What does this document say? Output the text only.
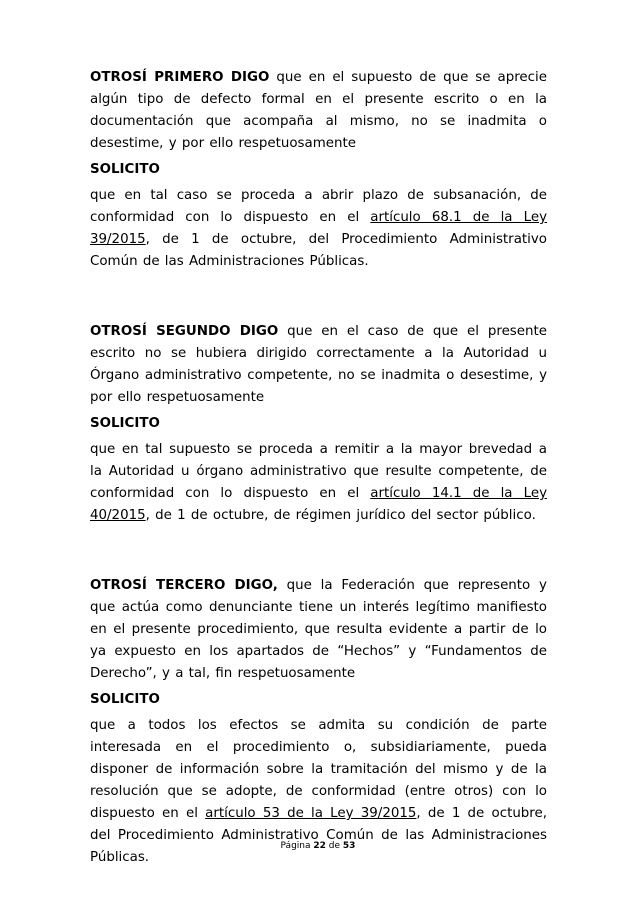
OTROSÍ PRIMERO DIGO que en el supuesto de que se aprecie algún tipo de defecto formal en el presente escrito o en la documentación que acompaña al mismo, no se inadmita o desestime, y por ello respetuosamente

SOLICITO

que en tal caso se proceda a abrir plazo de subsanación, de conformidad con lo dispuesto en el artículo 68.1 de la Ley 39/2015, de 1 de octubre, del Procedimiento Administrativo Común de las Administraciones Públicas.

OTROSÍ SEGUNDO DIGO que en el caso de que el presente escrito no se hubiera dirigido correctamente a la Autoridad u Órgano administrativo competente, no se inadmita o desestime, y por ello respetuosamente

SOLICITO

que en tal supuesto se proceda a remitir a la mayor brevedad a la Autoridad u órgano administrativo que resulte competente, de conformidad con lo dispuesto en el artículo 14.1 de la Ley 40/2015, de 1 de octubre, de régimen jurídico del sector público.

OTROSÍ TERCERO DIGO, que la Federación que represento y que actúa como denunciante tiene un interés legítimo manifiesto en el presente procedimiento, que resulta evidente a partir de lo ya expuesto en los apartados de “Hechos” y “Fundamentos de Derecho”, y a tal, fin respetuosamente

SOLICITO

que a todos los efectos se admita su condición de parte interesada en el procedimiento o, subsidiariamente, pueda disponer de información sobre la tramitación del mismo y de la resolución que se adopte, de conformidad (entre otros) con lo dispuesto en el artículo 53 de la Ley 39/2015, de 1 de octubre, del Procedimiento Administrativo Común de las Administraciones Públicas.

Página 22 de 53
